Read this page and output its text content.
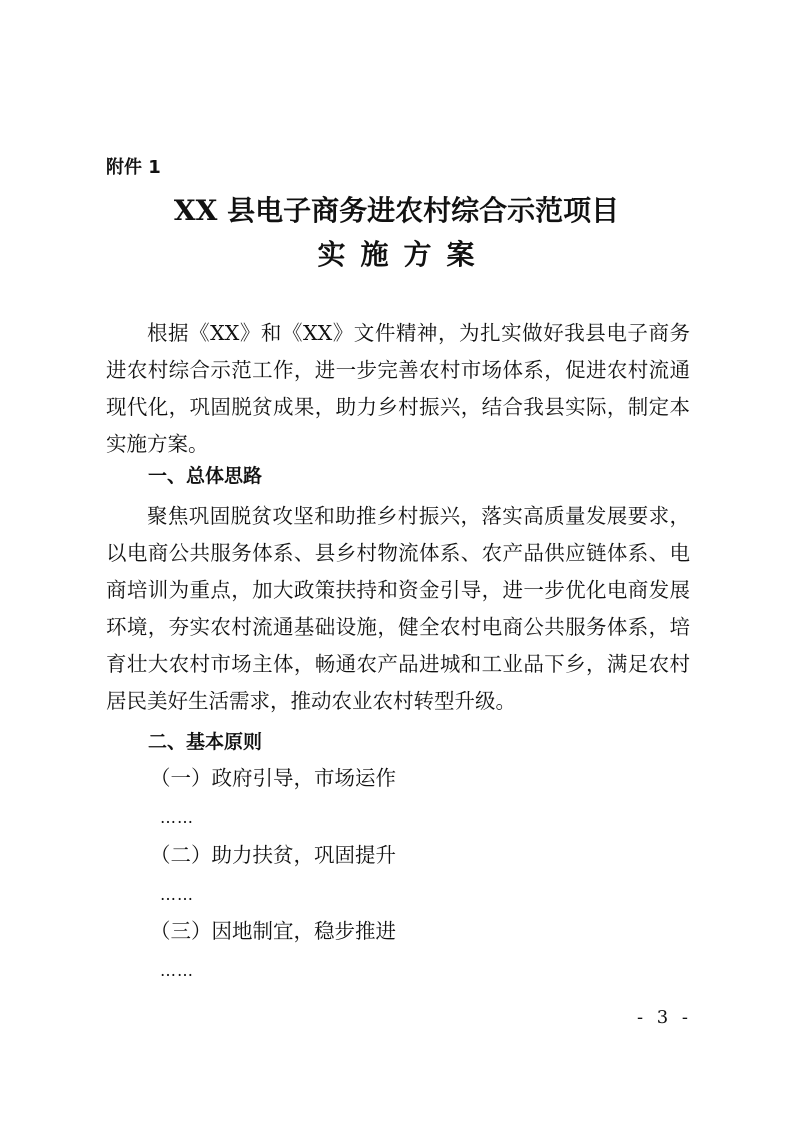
附件 1
XX 县电子商务进农村综合示范项目
实施方案

根据《XX》和《XX》文件精神，为扎实做好我县电子商务进农村综合示范工作，进一步完善农村市场体系，促进农村流通现代化，巩固脱贫成果，助力乡村振兴，结合我县实际，制定本实施方案。

一、总体思路

聚焦巩固脱贫攻坚和助推乡村振兴，落实高质量发展要求，以电商公共服务体系、县乡村物流体系、农产品供应链体系、电商培训为重点，加大政策扶持和资金引导，进一步优化电商发展环境，夯实农村流通基础设施，健全农村电商公共服务体系，培育壮大农村市场主体，畅通农产品进城和工业品下乡，满足农村居民美好生活需求，推动农业农村转型升级。

二、基本原则
（一）政府引导，市场运作
……
（二）助力扶贫，巩固提升
……
（三）因地制宜，稳步推进
……
- 3 -
